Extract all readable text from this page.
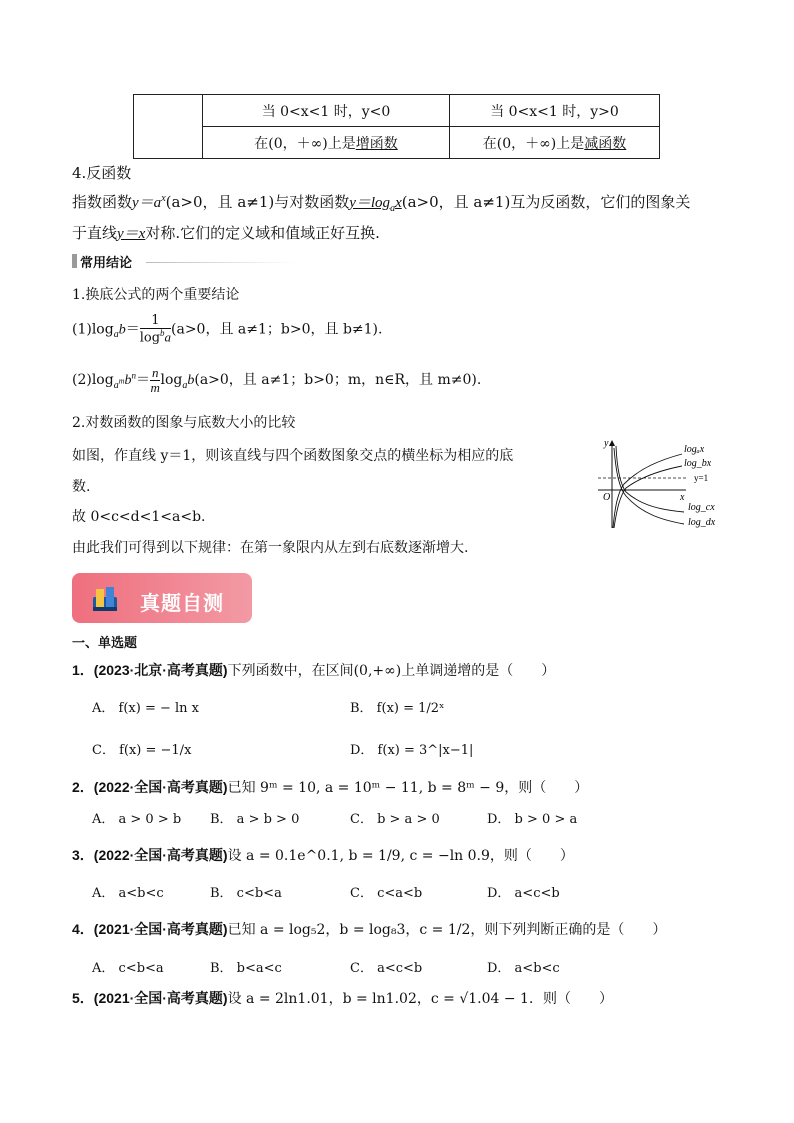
	当 0<x<1 时，y<0	当 0<x<1 时，y>0
	在(0，＋∞)上是增函数	在(0，＋∞)上是减函数
4.反函数
指数函数$y=a^x(a>0$，且 a≠1)与对数函数$y=\log_ax(a>0$，且 a≠1)互为反函数，它们的图象关
于直线y＝x对称.它们的定义域和值域正好互换.
常用结论
1.换底公式的两个重要结论
$(1)\log_ab= \frac{1}{\log^ba} (a>0$，且 a≠1；b>0，且 b≠1).
$(2)\log_{a^m}b^n= \frac{n}{m} \log_ab(a>0$，且 a≠1；b>0；m，n∈R，且 m≠0).
2.对数函数的图象与底数大小的比较
如图，作直线 y＝1，则该直线与四个函数图象交点的横坐标为相应的底
数.
故 0<c<d<1<a<b.
由此我们可得到以下规律：在第一象限内从左到右底数逐渐增大.
y
x
O
y=1
logₐx
log_bx
log_cx
log_dx
真题自测
一、单选题
1．(2023·北京·高考真题)下列函数中，在区间(0,+∞)上单调递增的是（　　）
A． f(x) = − ln x	B． f(x) = 1/2ˣ
C． f(x) = −1/x	D． f(x) = 3^|x−1|
2．(2022·全国·高考真题)已知 9ᵐ = 10, a = 10ᵐ − 11, b = 8ᵐ − 9，则（　　）
A． a > 0 > b B． a > b > 0	C． b > a > 0	D． b > 0 > a
3．(2022·全国·高考真题)设 a = 0.1e^0.1, b = 1/9, c = −ln 0.9，则（　　）
A． a<b<c	B． c<b<a	C． c<a<b	D． a<c<b
4．(2021·全国·高考真题)已知 a = log₅2，b = log₈3，c = 1/2，则下列判断正确的是（　　）
A． c<b<a	B． b<a<c	C． a<c<b	D． a<b<c
5．(2021·全国·高考真题)设 a = 2ln1.01，b = ln1.02，c = √1.04 − 1．则（　　）
